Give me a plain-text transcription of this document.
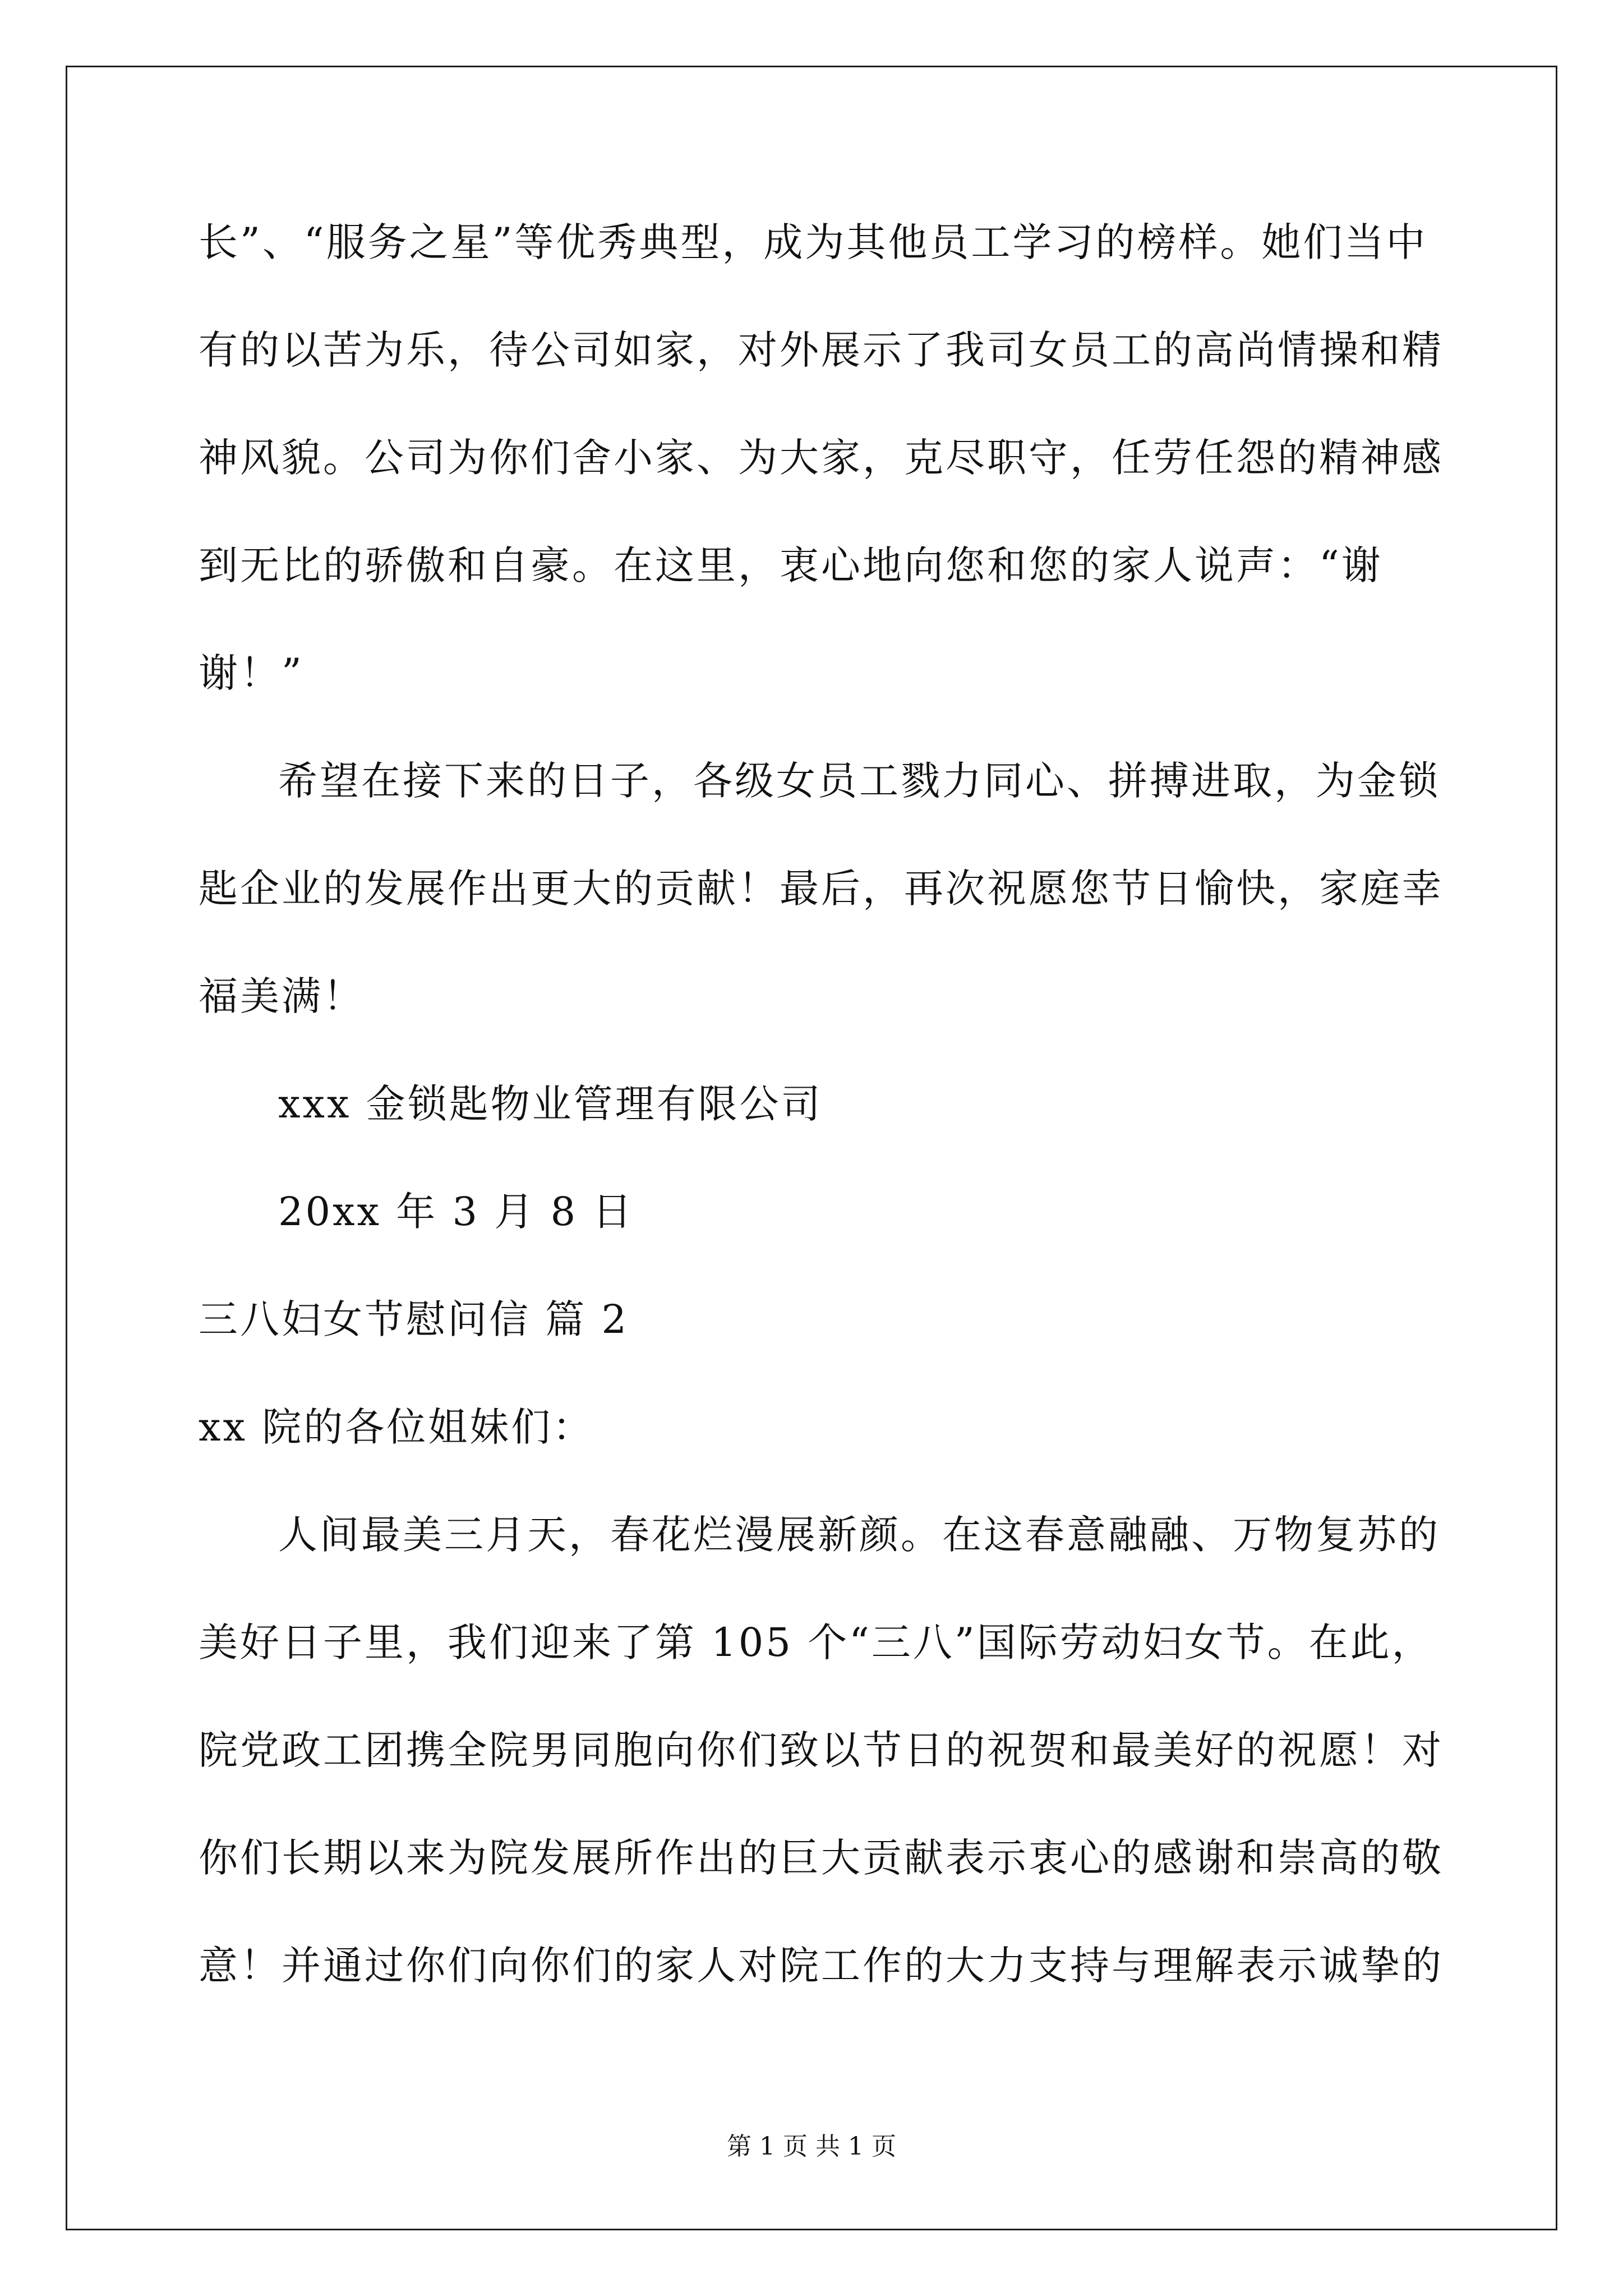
长”、“服务之星”等优秀典型，成为其他员工学习的榜样。她们当中
有的以苦为乐，待公司如家，对外展示了我司女员工的高尚情操和精
神风貌。公司为你们舍小家、为大家，克尽职守，任劳任怨的精神感
到无比的骄傲和自豪。在这里，衷心地向您和您的家人说声：“谢
谢！”
希望在接下来的日子，各级女员工戮力同心、拼搏进取，为金锁
匙企业的发展作出更大的贡献！最后，再次祝愿您节日愉快，家庭幸
福美满！
xxx 金锁匙物业管理有限公司
20xx 年 3 月 8 日
三八妇女节慰问信 篇 2
xx 院的各位姐妹们：
人间最美三月天，春花烂漫展新颜。在这春意融融、万物复苏的
美好日子里，我们迎来了第 105 个“三八”国际劳动妇女节。在此，
院党政工团携全院男同胞向你们致以节日的祝贺和最美好的祝愿！对
你们长期以来为院发展所作出的巨大贡献表示衷心的感谢和崇高的敬
意！并通过你们向你们的家人对院工作的大力支持与理解表示诚挚的
第 1 页 共 1 页
